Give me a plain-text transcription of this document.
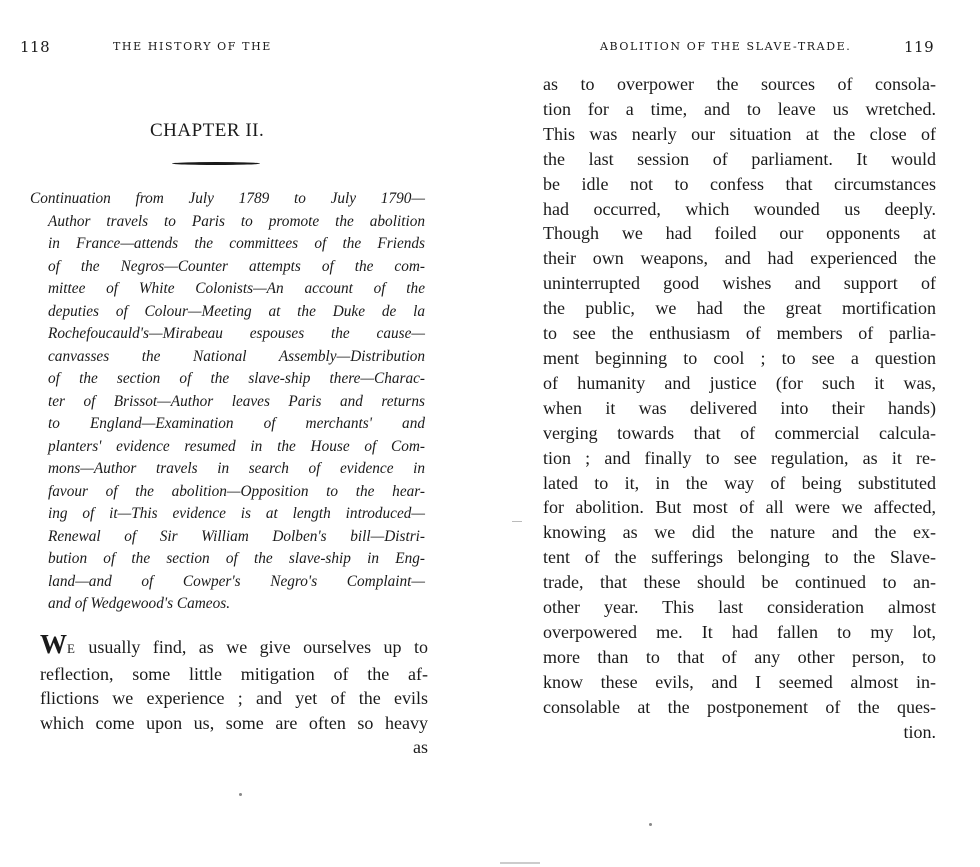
118	THE HISTORY OF THE
CHAPTER II.
Continuation from July 1789 to July 1790—
Author travels to Paris to promote the abolition
in France—attends the committees of the Friends
of the Negros—Counter attempts of the com-
mittee of White Colonists—An account of the
deputies of Colour—Meeting at the Duke de la
Rochefoucauld's—Mirabeau espouses the cause—
canvasses the National Assembly—Distribution
of the section of the slave-ship there—Charac-
ter of Brissot—Author leaves Paris and returns
to England—Examination of merchants' and
planters' evidence resumed in the House of Com-
mons—Author travels in search of evidence in
favour of the abolition—Opposition to the hear-
ing of it—This evidence is at length introduced—
Renewal of Sir William Dolben's bill—Distri-
bution of the section of the slave-ship in Eng-
land—and of Cowper's Negro's Complaint—
and of Wedgewood's Cameos.
WE usually find, as we give ourselves up to
reflection, some little mitigation of the af-
flictions we experience ; and yet of the evils
which come upon us, some are often so heavy
as
ABOLITION OF THE SLAVE-TRADE.	119
as to overpower the sources of consola-
tion for a time, and to leave us wretched.
This was nearly our situation at the close of
the last session of parliament. It would
be idle not to confess that circumstances
had occurred, which wounded us deeply.
Though we had foiled our opponents at
their own weapons, and had experienced the
uninterrupted good wishes and support of
the public, we had the great mortification
to see the enthusiasm of members of parlia-
ment beginning to cool ; to see a question
of humanity and justice (for such it was,
when it was delivered into their hands)
verging towards that of commercial calcula-
tion ; and finally to see regulation, as it re-
lated to it, in the way of being substituted
for abolition. But most of all were we affected,
knowing as we did the nature and the ex-
tent of the sufferings belonging to the Slave-
trade, that these should be continued to an-
other year. This last consideration almost
overpowered me. It had fallen to my lot,
more than to that of any other person, to
know these evils, and I seemed almost in-
consolable at the postponement of the ques-
tion.
